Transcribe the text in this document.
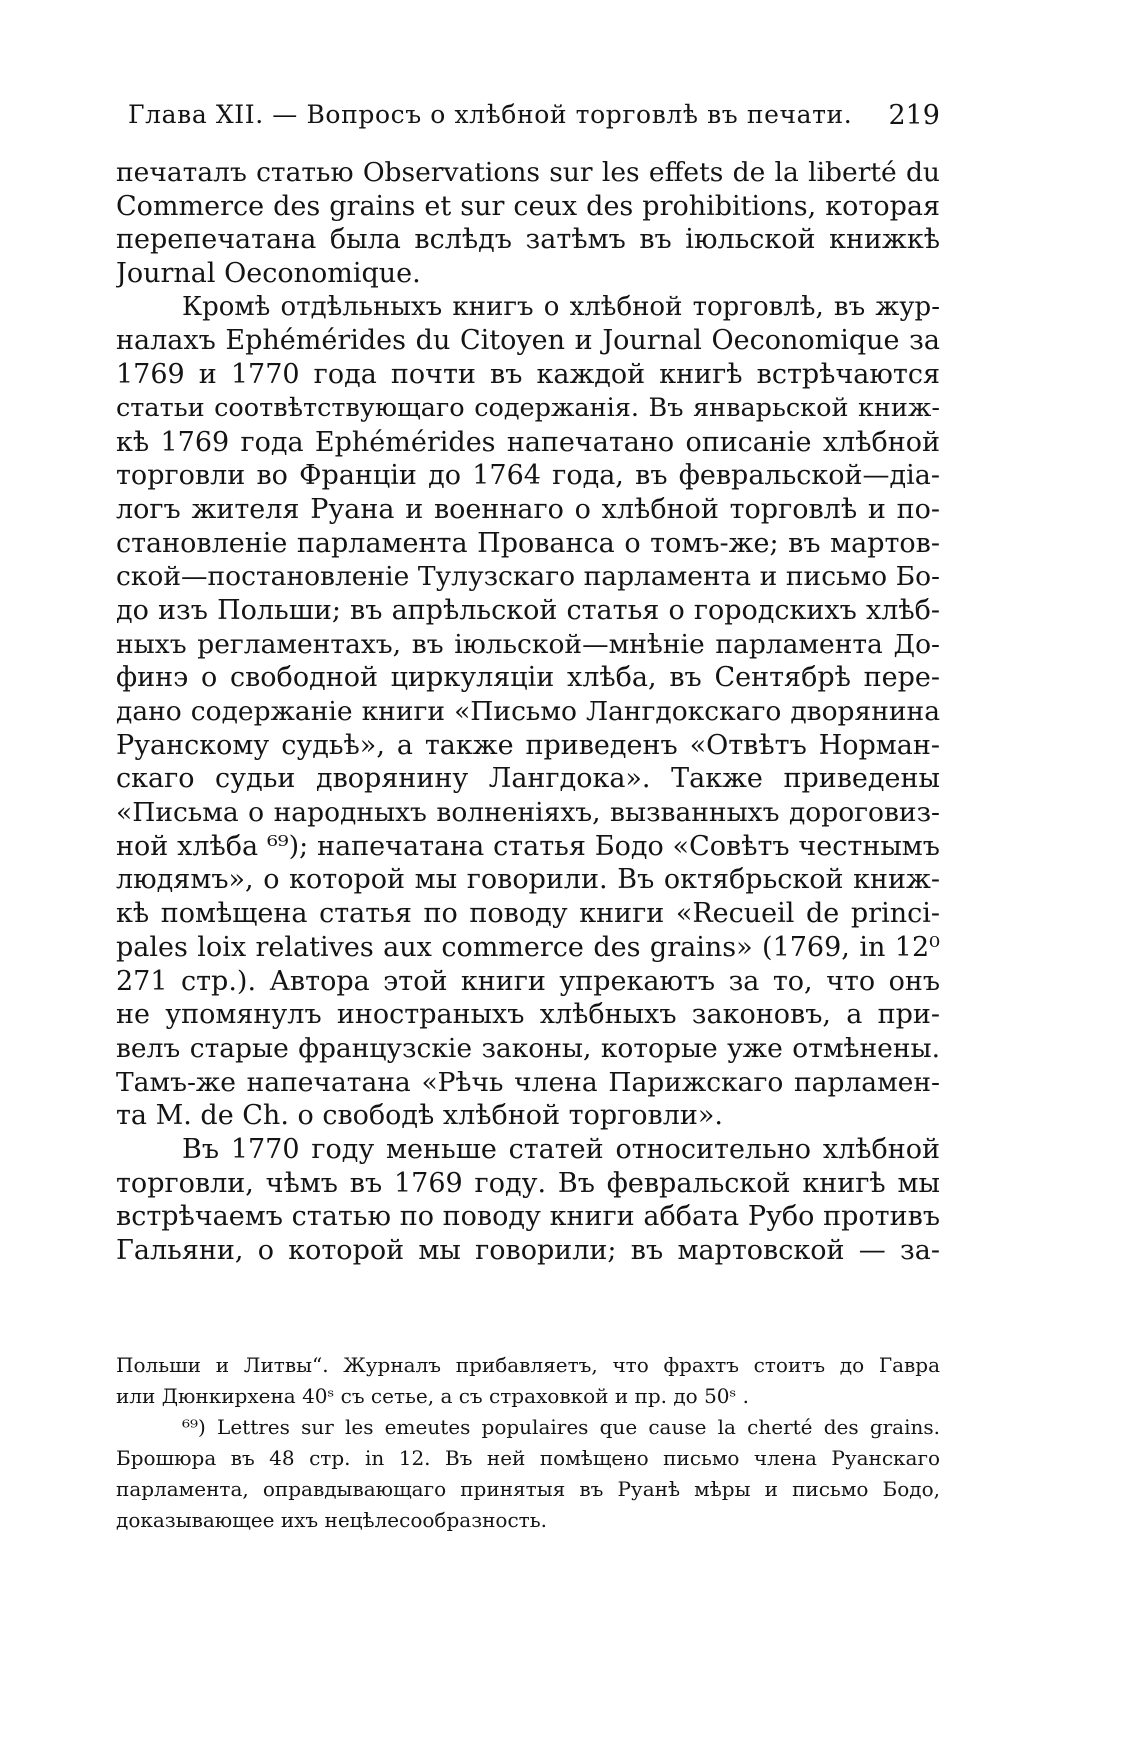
Глава XII. — Вопросъ о хлѣбной торговлѣ въ печати. 219
печаталъ статью Observations sur les effets de la liberté du
Commerce des grains et sur ceux des prohibitions, которая
перепечатана была вслѣдъ затѣмъ въ іюльской книжкѣ
Journal Oeconomique.
Кромѣ отдѣльныхъ книгъ о хлѣбной торговлѣ, въ жур-
налахъ Ephémérides du Citoyen и Journal Oeconomique за
1769 и 1770 года почти въ каждой книгѣ встрѣчаются
статьи соотвѣтствующаго содержанія. Въ январьской книж-
кѣ 1769 года Ephémérides напечатано описаніе хлѣбной
торговли во Франціи до 1764 года, въ февральской—діа-
логъ жителя Руана и военнаго о хлѣбной торговлѣ и по-
становленіе парламента Прованса о томъ-же; въ мартов-
ской—постановленіе Тулузскаго парламента и письмо Бо-
до изъ Польши; въ апрѣльской статья о городскихъ хлѣб-
ныхъ регламентахъ, въ іюльской—мнѣніе парламента До-
финэ о свободной циркуляціи хлѣба, въ Сентябрѣ пере-
дано содержаніе книги «Письмо Лангдокскаго дворянина
Руанскому судьѣ», а также приведенъ «Отвѣтъ Норман-
скаго судьи дворянину Лангдока». Также приведены
«Письма о народныхъ волненіяхъ, вызванныхъ дороговиз-
ной хлѣба ⁶⁹); напечатана статья Бодо «Совѣтъ честнымъ
людямъ», о которой мы говорили. Въ октябрьской книж-
кѣ помѣщена статья по поводу книги «Recueil de princi-
pales loix relatives aux commerce des grains» (1769, in 12⁰
271 стр.). Автора этой книги упрекаютъ за то, что онъ
не упомянулъ иностраныхъ хлѣбныхъ законовъ, а при-
велъ старые французскіе законы, которые уже отмѣнены.
Тамъ-же напечатана «Рѣчь члена Парижскаго парламен-
та M. de Ch. о свободѣ хлѣбной торговли».
Въ 1770 году меньше статей относительно хлѣбной
торговли, чѣмъ въ 1769 году. Въ февральской книгѣ мы
встрѣчаемъ статью по поводу книги аббата Рубо противъ
Гальяни, о которой мы говорили; въ мартовской — за-
Польши и Литвы“. Журналъ прибавляетъ, что фрахтъ стоитъ до Гавра
или Дюнкирхена 40ˢ съ сетье, а съ страховкой и пр. до 50ˢ .
⁶⁹) Lettres sur les emeutes populaires que cause la cherté des grains.
Брошюра въ 48 стр. in 12. Въ ней помѣщено письмо члена Руанскаго
парламента, оправдывающаго принятыя въ Руанѣ мѣры и письмо Бодо,
доказывающее ихъ нецѣлесообразность.
